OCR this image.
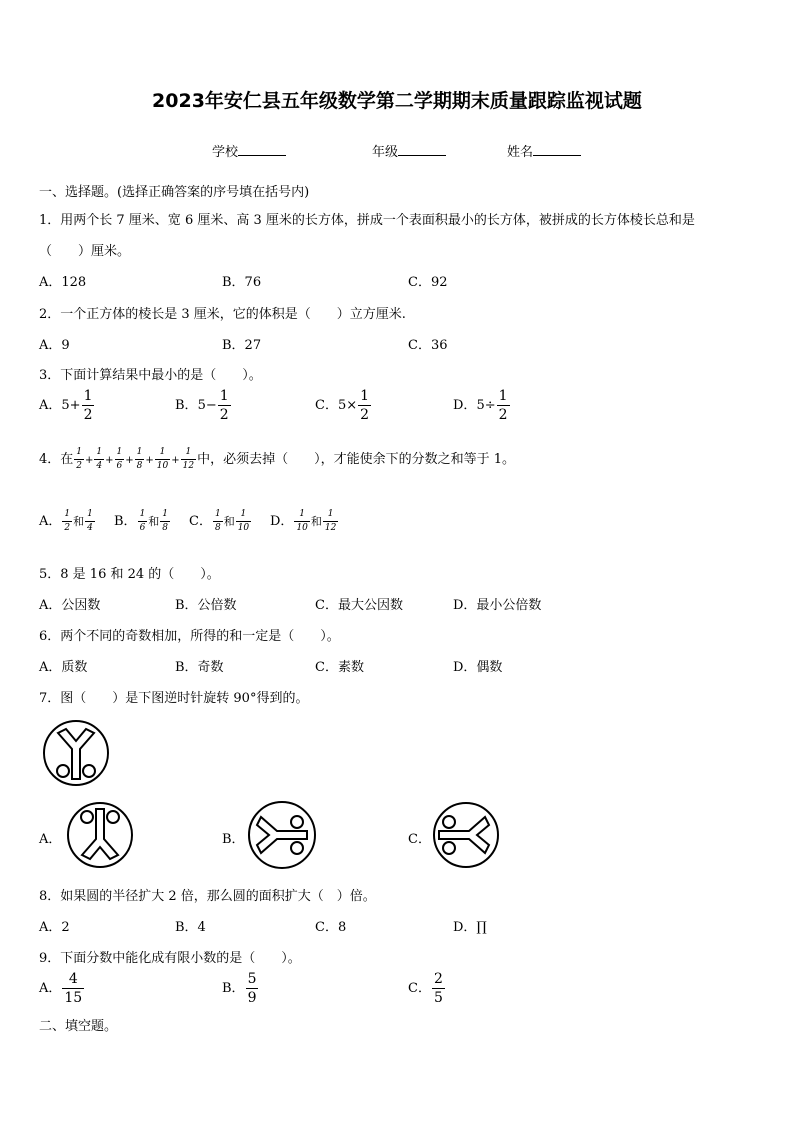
2023年安仁县五年级数学第二学期期末质量跟踪监视试题
学校	年级	姓名
一、选择题。(选择正确答案的序号填在括号内)
1．用两个长 7 厘米、宽 6 厘米、高 3 厘米的长方体，拼成一个表面积最小的长方体，被拼成的长方体棱长总和是
（　　）厘米。
A．128	B．76	C．92
2．一个正方体的棱长是 3 厘米，它的体积是（　　）立方厘米.
A．9	B．27	C．36
3．下面计算结果中最小的是（　　）。
A．$5+ \frac{1}{2}$	B．$5- \frac{1}{2}$	C．$5\times \frac{1}{2}$	D．$5\div \frac{1}{2}$
4．在 $\frac{1}{2} + \frac{1}{4} + \frac{1}{6} + \frac{1}{8} + \frac{1}{10} + \frac{1}{12}$ 中，必须去掉（　　），才能使余下的分数之和等于 1。
A． $\frac{1}{2}$ 和 $\frac{1}{4}$ B． $\frac{1}{6}$ 和 $\frac{1}{8}$ C． $\frac{1}{8}$ 和 $\frac{1}{10}$ D． $\frac{1}{10}$ 和 $\frac{1}{12}$
5．8 是 16 和 24 的（　　）。
A．公因数	B．公倍数	C．最大公因数	D．最小公倍数
6．两个不同的奇数相加，所得的和一定是（　　）。
A．质数	B．奇数	C．素数	D．偶数
7．图（　　）是下图逆时针旋转 90°得到的。
A．	B．	C．
8．如果圆的半径扩大 2 倍，那么圆的面积扩大（　）倍。
A．2	B．4	C．8	D．∏
9．下面分数中能化成有限小数的是（　　）。
A． $\frac{4}{15}$	B． $\frac{5}{9}$	C． $\frac{2}{5}$
二、填空题。
